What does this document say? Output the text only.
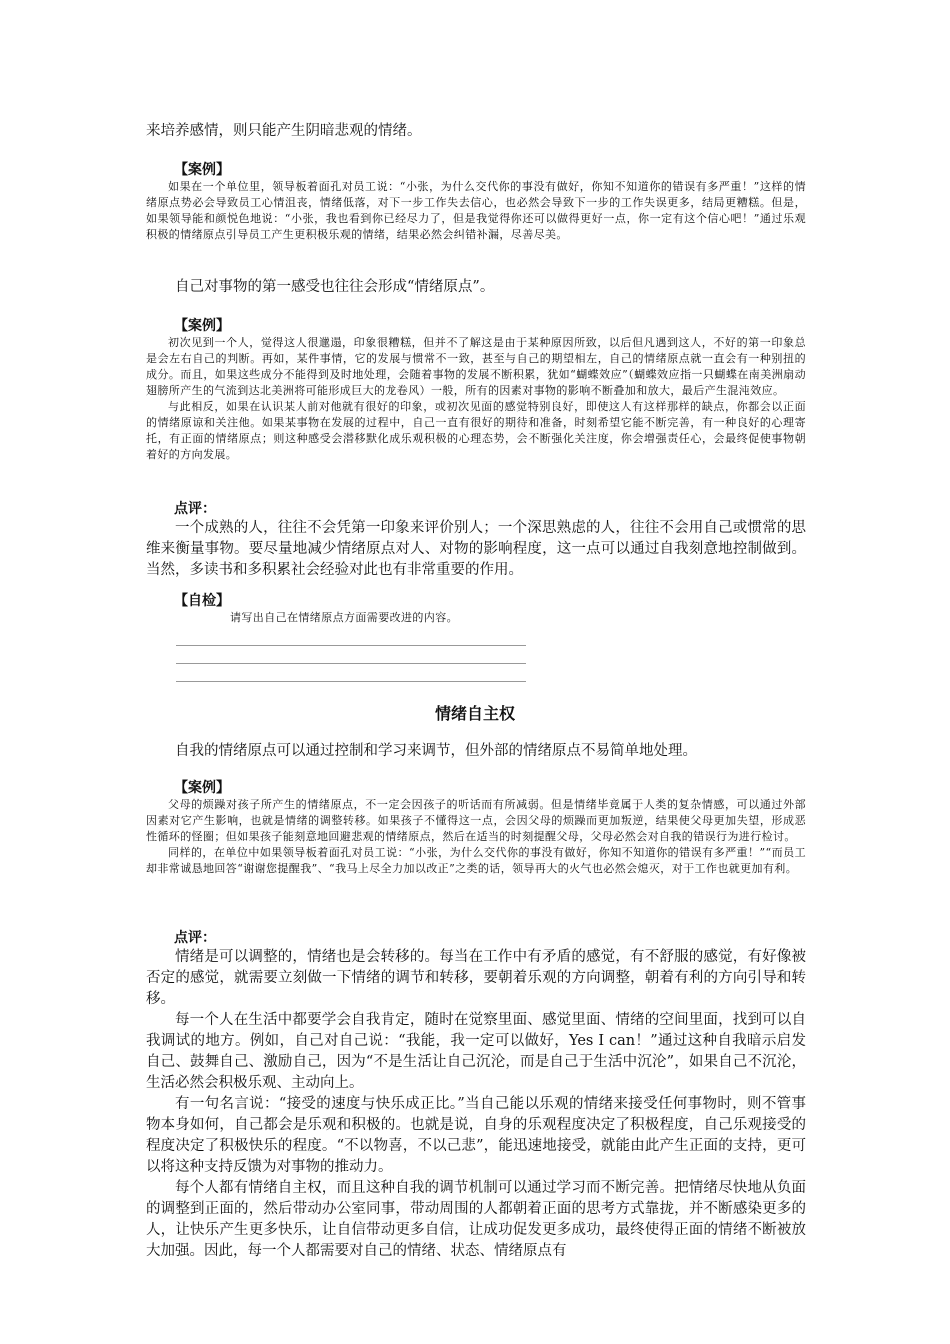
来培养感情，则只能产生阴暗悲观的情绪。

【案例】

如果在一个单位里，领导板着面孔对员工说：“小张，为什么交代你的事没有做好，你知不知道你的错误有多严重！”这样的情绪原点势必会导致员工心情沮丧，情绪低落，对下一步工作失去信心，也必然会导致下一步的工作失误更多，结局更糟糕。但是，如果领导能和颜悦色地说：“小张，我也看到你已经尽力了，但是我觉得你还可以做得更好一点，你一定有这个信心吧！”通过乐观积极的情绪原点引导员工产生更积极乐观的情绪，结果必然会纠错补漏，尽善尽美。

自己对事物的第一感受也往往会形成“情绪原点”。

【案例】

初次见到一个人，觉得这人很邋遢，印象很糟糕，但并不了解这是由于某种原因所致，以后但凡遇到这人，不好的第一印象总是会左右自己的判断。再如，某件事情，它的发展与惯常不一致，甚至与自己的期望相左，自己的情绪原点就一直会有一种别扭的成分。而且，如果这些成分不能得到及时地处理，会随着事物的发展不断积累，犹如“蝴蝶效应”（蝴蝶效应指一只蝴蝶在南美洲扇动翅膀所产生的气流到达北美洲将可能形成巨大的龙卷风）一般，所有的因素对事物的影响不断叠加和放大，最后产生混沌效应。

与此相反，如果在认识某人前对他就有很好的印象，或初次见面的感觉特别良好，即使这人有这样那样的缺点，你都会以正面的情绪原谅和关注他。如果某事物在发展的过程中，自己一直有很好的期待和准备，时刻希望它能不断完善，有一种良好的心理寄托，有正面的情绪原点；则这种感受会潜移默化成乐观积极的心理态势，会不断强化关注度，你会增强责任心，会最终促使事物朝着好的方向发展。

点评：

一个成熟的人，往往不会凭第一印象来评价别人；一个深思熟虑的人，往往不会用自己或惯常的思维来衡量事物。要尽量地减少情绪原点对人、对物的影响程度，这一点可以通过自我刻意地控制做到。当然，多读书和多积累社会经验对此也有非常重要的作用。

【自检】

请写出自己在情绪原点方面需要改进的内容。

情绪自主权

自我的情绪原点可以通过控制和学习来调节，但外部的情绪原点不易简单地处理。

【案例】

父母的烦躁对孩子所产生的情绪原点，不一定会因孩子的听话而有所减弱。但是情绪毕竟属于人类的复杂情感，可以通过外部因素对它产生影响，也就是情绪的调整转移。如果孩子不懂得这一点，会因父母的烦躁而更加叛逆，结果使父母更加失望，形成恶性循环的怪圈；但如果孩子能刻意地回避悲观的情绪原点，然后在适当的时刻提醒父母，父母必然会对自我的错误行为进行检讨。

同样的，在单位中如果领导板着面孔对员工说：“小张，为什么交代你的事没有做好，你知不知道你的错误有多严重！”“而员工却非常诚恳地回答“谢谢您提醒我”、“我马上尽全力加以改正”之类的话，领导再大的火气也必然会熄灭，对于工作也就更加有利。

点评：

情绪是可以调整的，情绪也是会转移的。每当在工作中有矛盾的感觉，有不舒服的感觉，有好像被否定的感觉，就需要立刻做一下情绪的调节和转移，要朝着乐观的方向调整，朝着有利的方向引导和转移。

每一个人在生活中都要学会自我肯定，随时在觉察里面、感觉里面、情绪的空间里面，找到可以自我调试的地方。例如，自己对自己说：“我能，我一定可以做好，Yes I can！”通过这种自我暗示启发自己、鼓舞自己、激励自己，因为“不是生活让自己沉沦，而是自己于生活中沉沦”，如果自己不沉沦，生活必然会积极乐观、主动向上。

有一句名言说：“接受的速度与快乐成正比。”当自己能以乐观的情绪来接受任何事物时，则不管事物本身如何，自己都会是乐观和积极的。也就是说，自身的乐观程度决定了积极程度，自己乐观接受的程度决定了积极快乐的程度。“不以物喜，不以己悲”，能迅速地接受，就能由此产生正面的支持，更可以将这种支持反馈为对事物的推动力。

每个人都有情绪自主权，而且这种自我的调节机制可以通过学习而不断完善。把情绪尽快地从负面的调整到正面的，然后带动办公室同事，带动周围的人都朝着正面的思考方式靠拢，并不断感染更多的人，让快乐产生更多快乐，让自信带动更多自信，让成功促发更多成功，最终使得正面的情绪不断被放大加强。因此，每一个人都需要对自己的情绪、状态、情绪原点有
